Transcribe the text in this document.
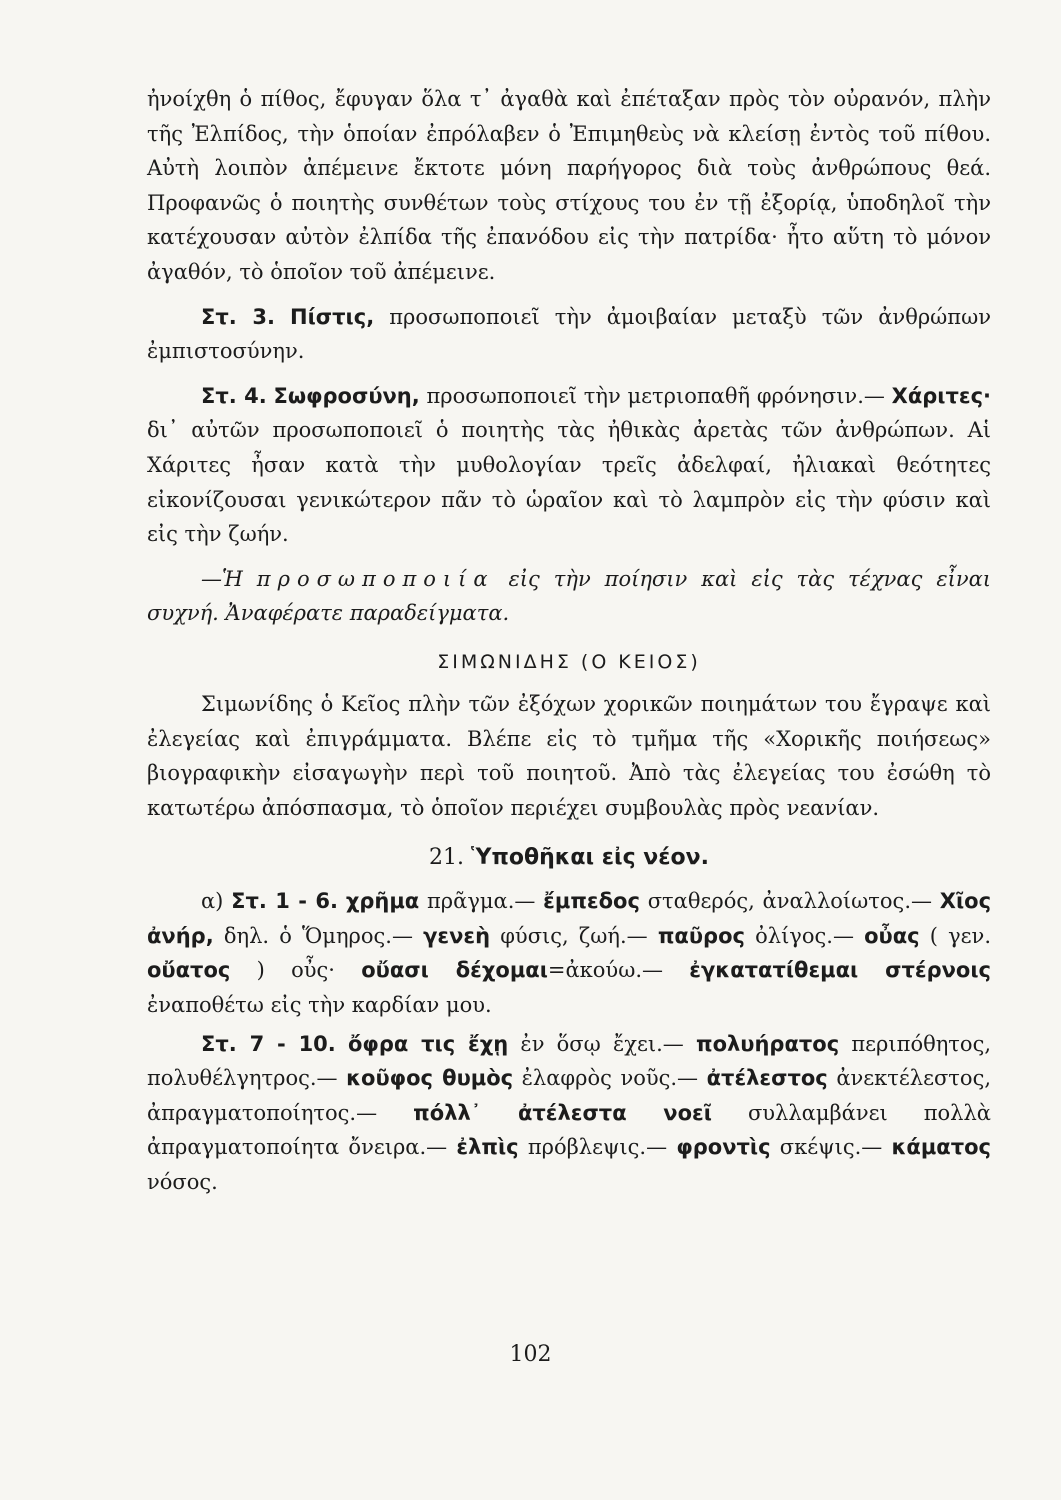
ἠνοίχθη ὁ πίθος, ἔφυγαν ὅλα τ᾿ ἀγαθὰ καὶ ἐπέταξαν πρὸς τὸν οὐρανόν, πλὴν τῆς Ἐλπίδος, τὴν ὁποίαν ἐπρόλαβεν ὁ Ἐπιμηθεὺς νὰ κλείσῃ ἐντὸς τοῦ πίθου. Αὐτὴ λοιπὸν ἀπέμεινε ἔκτοτε μόνη παρήγορος διὰ τοὺς ἀνθρώπους θεά. Προφανῶς ὁ ποιητὴς συνθέτων τοὺς στίχους του ἐν τῇ ἐξορίᾳ, ὑποδηλοῖ τὴν κατέχουσαν αὐτὸν ἐλπίδα τῆς ἐπανόδου εἰς τὴν πατρίδα· ἦτο αὕτη τὸ μόνον ἀγαθόν, τὸ ὁποῖον τοῦ ἀπέμεινε.

Στ. 3. Πίστις, προσωποποιεῖ τὴν ἀμοιβαίαν μεταξὺ τῶν ἀνθρώπων ἐμπιστοσύνην.

Στ. 4. Σωφροσύνη, προσωποποιεῖ τὴν μετριοπαθῆ φρόνησιν.— Χάριτες· δι᾿ αὐτῶν προσωποποιεῖ ὁ ποιητὴς τὰς ἠθικὰς ἀρετὰς τῶν ἀνθρώπων. Αἱ Χάριτες ἦσαν κατὰ τὴν μυθολογίαν τρεῖς ἀδελφαί, ἠλιακαὶ θεότητες εἰκονίζουσαι γενικώτερον πᾶν τὸ ὡραῖον καὶ τὸ λαμπρὸν εἰς τὴν φύσιν καὶ εἰς τὴν ζωήν.

—Ἡ προσωποποιία εἰς τὴν ποίησιν καὶ εἰς τὰς τέχνας εἶναι συχνή. Ἀναφέρατε παραδείγματα.

ΣΙΜΩΝΙΔΗΣ (Ο ΚΕΙΟΣ)

Σιμωνίδης ὁ Κεῖος πλὴν τῶν ἐξόχων χορικῶν ποιημάτων του ἔγραψε καὶ ἐλεγείας καὶ ἐπιγράμματα. Βλέπε εἰς τὸ τμῆμα τῆς «Χορικῆς ποιήσεως» βιογραφικὴν εἰσαγωγὴν περὶ τοῦ ποιητοῦ. Ἀπὸ τὰς ἐλεγείας του ἐσώθη τὸ κατωτέρω ἀπόσπασμα, τὸ ὁποῖον περιέχει συμβουλὰς πρὸς νεανίαν.

21. Ὑποθῆκαι εἰς νέον.

α) Στ. 1 - 6. χρῆμα πρᾶγμα.— ἔμπεδος σταθερός, ἀναλλοίωτος.— Χῖος ἀνήρ, δηλ. ὁ Ὅμηρος.— γενεὴ φύσις, ζωή.— παῦρος ὀλίγος.— οὖας ( γεν. οὔατος ) οὖς· οὔασι δέχομαι=ἀκούω.— ἐγκατατίθεμαι στέρνοις ἐναποθέτω εἰς τὴν καρδίαν μου.

Στ. 7 - 10. ὄφρα τις ἔχῃ ἐν ὅσῳ ἔχει.— πολυήρατος περιπόθητος, πολυθέλγητρος.— κοῦφος θυμὸς ἐλαφρὸς νοῦς.— ἀτέλεστος ἀνεκτέλεστος, ἀπραγματοποίητος.— πόλλ᾿ ἀτέλεστα νοεῖ συλλαμβάνει πολλὰ ἀπραγματοποίητα ὄνειρα.— ἐλπὶς πρόβλεψις.— φροντὶς σκέψις.— κάματος νόσος.

102
